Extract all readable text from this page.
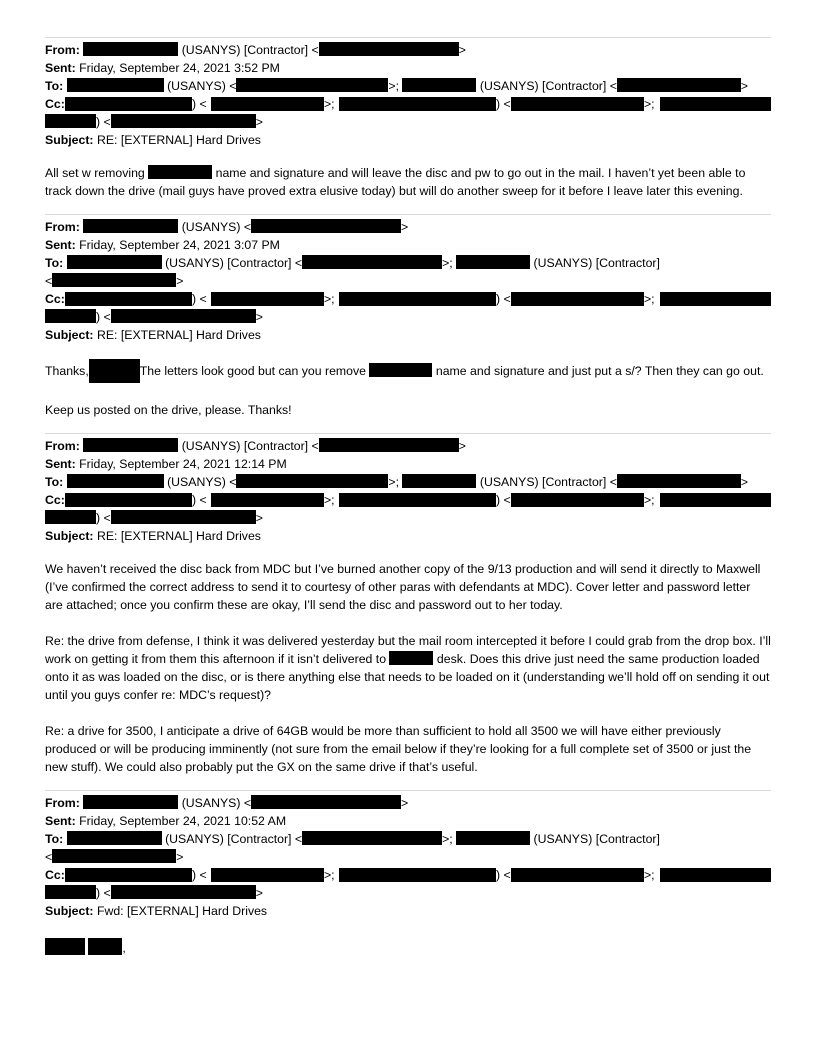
From:	(USANYS) [Contractor] <	>
Sent: Friday, September 24, 2021 3:52 PM
To:	(USANYS) <	>;	(USANYS) [Contractor] <	>
Cc:	) <	>;	) <	>;
) <	>
Subject: RE: [EXTERNAL] Hard Drives

All set w removing	name and signature and will leave the disc and pw to go out in the mail. I haven’t yet been able to track down the drive (mail guys have proved extra elusive today) but will do another sweep for it before I leave later this evening.

From:	(USANYS) <	>
Sent: Friday, September 24, 2021 3:07 PM
To:	(USANYS) [Contractor] <	>;	(USANYS) [Contractor]
<	>
Cc:	) <	>;	) <	>;
) <	>
Subject: RE: [EXTERNAL] Hard Drives

Thanks,	The letters look good but can you remove	name and signature and just put a s/? Then they can go out.

Keep us posted on the drive, please. Thanks!

From:	(USANYS) [Contractor] <	>
Sent: Friday, September 24, 2021 12:14 PM
To:	(USANYS) <	>;	(USANYS) [Contractor] <	>
Cc:	) <	>;	) <	>;
) <	>
Subject: RE: [EXTERNAL] Hard Drives

We haven’t received the disc back from MDC but I’ve burned another copy of the 9/13 production and will send it directly to Maxwell (I’ve confirmed the correct address to send it to courtesy of other paras with defendants at MDC). Cover letter and password letter are attached; once you confirm these are okay, I’ll send the disc and password out to her today.

Re: the drive from defense, I think it was delivered yesterday but the mail room intercepted it before I could grab from the drop box. I’ll work on getting it from them this afternoon if it isn’t delivered to	desk. Does this drive just need the same production loaded onto it as was loaded on the disc, or is there anything else that needs to be loaded on it (understanding we’ll hold off on sending it out until you guys confer re: MDC’s request)?

Re: a drive for 3500, I anticipate a drive of 64GB would be more than sufficient to hold all 3500 we will have either previously produced or will be producing imminently (not sure from the email below if they’re looking for a full complete set of 3500 or just the new stuff). We could also probably put the GX on the same drive if that’s useful.

From:	(USANYS) <	>
Sent: Friday, September 24, 2021 10:52 AM
To:	(USANYS) [Contractor] <	>;	(USANYS) [Contractor]
<	>
Cc:	) <	>;	) <	>;
) <	>
Subject: Fwd: [EXTERNAL] Hard Drives
,
